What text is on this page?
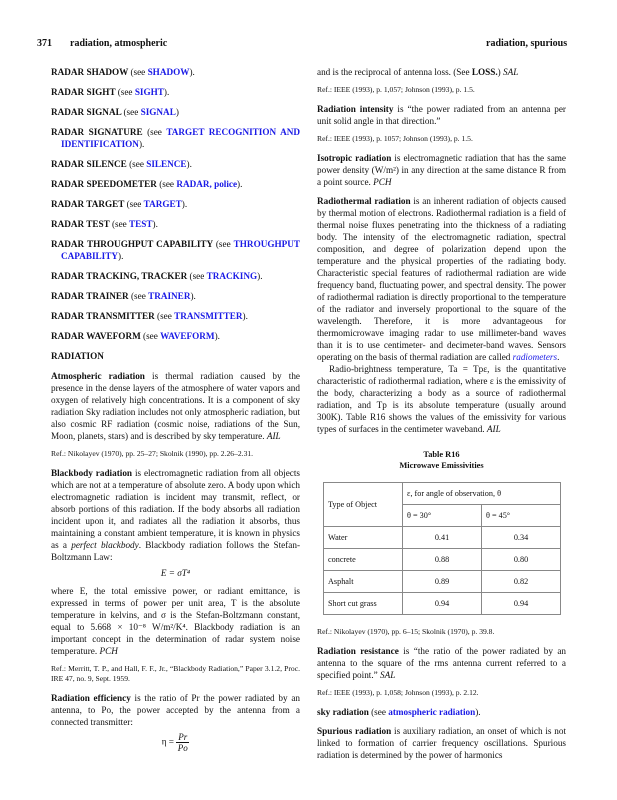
371 radiation, atmospheric	radiation, spurious

RADAR SHADOW (see SHADOW).

RADAR SIGHT (see SIGHT).

RADAR SIGNAL (see SIGNAL)

RADAR SIGNATURE (see TARGET RECOGNITION AND IDENTIFICATION).

RADAR SILENCE (see SILENCE).

RADAR SPEEDOMETER (see RADAR, police).

RADAR TARGET (see TARGET).

RADAR TEST (see TEST).

RADAR THROUGHPUT CAPABILITY (see THROUGHPUT CAPABILITY).

RADAR TRACKING, TRACKER (see TRACKING).

RADAR TRAINER (see TRAINER).

RADAR TRANSMITTER (see TRANSMITTER).

RADAR WAVEFORM (see WAVEFORM).

RADIATION

Atmospheric radiation is thermal radiation caused by the presence in the dense layers of the atmosphere of water vapors and oxygen of relatively high concentrations. It is a component of sky radiation Sky radiation includes not only atmospheric radiation, but also cosmic RF radiation (cosmic noise, radiations of the Sun, Moon, planets, stars) and is described by sky temperature. AIL

Ref.: Nikolayev (1970), pp. 25–27; Skolnik (1990), pp. 2.26–2.31.

Blackbody radiation is electromagnetic radiation from all objects which are not at a temperature of absolute zero. A body upon which electromagnetic radiation is incident may transmit, reflect, or absorb portions of this radiation. If the body absorbs all radiation incident upon it, and radiates all the radiation it absorbs, thus maintaining a constant ambient temperature, it is known in physics as a perfect blackbody. Blackbody radiation follows the Stefan-Boltzmann Law:

E = σT⁴

where E, the total emissive power, or radiant emittance, is expressed in terms of power per unit area, T is the absolute temperature in kelvins, and σ is the Stefan-Boltzmann constant, equal to 5.668 × 10⁻⁸ W/m²/K⁴. Blackbody radiation is an important concept in the determination of radar system noise temperature. PCH

Ref.: Merritt, T. P., and Hall, F. F., Jr., “Blackbody Radiation,” Paper 3.1.2, Proc. IRE 47, no. 9, Sept. 1959.

Radiation efficiency is the ratio of Pr the power radiated by an antenna, to Po, the power accepted by the antenna from a connected transmitter:

$\eta = \frac{Pr}{Po}$

and is the reciprocal of antenna loss. (See LOSS.) SAL

Ref.: IEEE (1993), p. 1,057; Johnson (1993), p. 1.5.

Radiation intensity is “the power radiated from an antenna per unit solid angle in that direction.”

Ref.: IEEE (1993), p. 1057; Johnson (1993), p. 1.5.

Isotropic radiation is electromagnetic radiation that has the same power density (W/m²) in any direction at the same distance R from a point source. PCH

Radiothermal radiation is an inherent radiation of objects caused by thermal motion of electrons. Radiothermal radiation is a field of thermal noise fluxes penetrating into the thickness of a radiating body. The intensity of the electromagnetic radiation, spectral composition, and degree of polarization depend upon the temperature and the physical properties of the radiating body. Characteristic special features of radiothermal radiation are wide frequency band, fluctuating power, and spectral density. The power of radiothermal radiation is directly proportional to the temperature of the radiator and inversely proportional to the square of the wavelength. Therefore, it is more advantageous for thermomicrowave imaging radar to use millimeter-band waves than it is to use centimeter- and decimeter-band waves. Sensors operating on the basis of thermal radiation are called radiometers.

Radio-brightness temperature, Ta = Tpε, is the quantitative characteristic of radiothermal radiation, where ε is the emissivity of the body, characterizing a body as a source of radiothermal radiation, and Tp is its absolute temperature (usually around 300K). Table R16 shows the values of the emissivity for various types of surfaces in the centimeter waveband. AIL

Table R16
Microwave Emissivities
Type of Object	ε, for angle of observation, θ	
	θ = 30°	θ = 45°
Water	0.41	0.34
concrete	0.88	0.80
Asphalt	0.89	0.82
Short cut grass	0.94	0.94

Ref.: Nikolayev (1970), pp. 6–15; Skolnik (1970), p. 39.8.

Radiation resistance is “the ratio of the power radiated by an antenna to the square of the rms antenna current referred to a specified point.” SAL

Ref.: IEEE (1993), p. 1,058; Johnson (1993), p. 2.12.

sky radiation (see atmospheric radiation).

Spurious radiation is auxiliary radiation, an onset of which is not linked to formation of carrier frequency oscillations. Spurious radiation is determined by the power of harmonics
